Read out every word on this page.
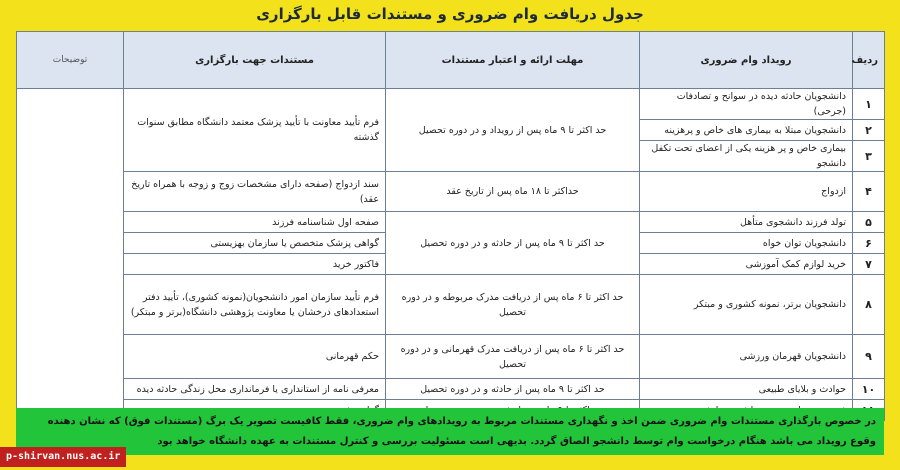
جدول دریافت وام ضروری و مستندات قابل بارگزاری
ردیف	رویداد وام ضروری	مهلت ارائه و اعتبار مستندات	مستندات جهت بارگزاری	توضیحات
۱	دانشجویان حادثه دیده در سوانح و تصادفات (جرحی)	حد اکثر تا ۹ ماه پس از رویداد و در دوره تحصیل	فرم تأیید معاونت با تأیید پزشک معتمد دانشگاه مطابق سنوات گذشته	
۲	دانشجویان مبتلا به بیماری های خاص و پرهزینه			
۳	بیماری خاص و پر هزینه یکی از اعضای تحت تکفل دانشجو			
۴	ازدواج	حداکثر تا ۱۸ ماه پس از تاریخ عقد	سند ازدواج (صفحه دارای مشخصات زوج و زوجه با همراه تاریخ عقد)	
۵	تولد فرزند دانشجوی متأهل	حد اکثر تا ۹ ماه پس از حادثه و در دوره تحصیل	صفحه اول شناسنامه فرزند	
۶	دانشجویان توان خواه		گواهی پزشک متخصص یا سازمان بهزیستی	
۷	خرید لوازم کمک آموزشی		فاکتور خرید	
۸	دانشجویان برتر، نمونه کشوری و مبتکر	حد اکثر تا ۶ ماه پس از دریافت مدرک مربوطه و در دوره تحصیل	فرم تأیید سازمان امور دانشجویان(نمونه کشوری)، تأیید دفتر استعدادهای درخشان یا معاونت پژوهشی دانشگاه(برتر و مبتکر)	
۹	دانشجویان قهرمان ورزشی	حد اکثر تا ۶ ماه پس از دریافت مدرک قهرمانی و در دوره تحصیل	حکم قهرمانی	
۱۰	حوادث و بلایای طبیعی	حد اکثر تا ۹ ماه پس از حادثه و در دوره تحصیل	معرفی نامه از استانداری یا فرمانداری محل زندگی حادثه دیده	

در خصوص بارگذاری مستندات وام ضروری ضمن اخذ و نگهداری مستندات مربوط به رویدادهای وام ضروری، فقط کافیست تصویر یک برگ (مستندات فوق) که نشان دهنده وقوع رویداد می باشد هنگام درخواست وام توسط دانشجو الصاق گردد. بدیهی است مسئولیت بررسی و کنترل مستندات به عهده دانشگاه خواهد بود
p-shirvan.nus.ac.ir
